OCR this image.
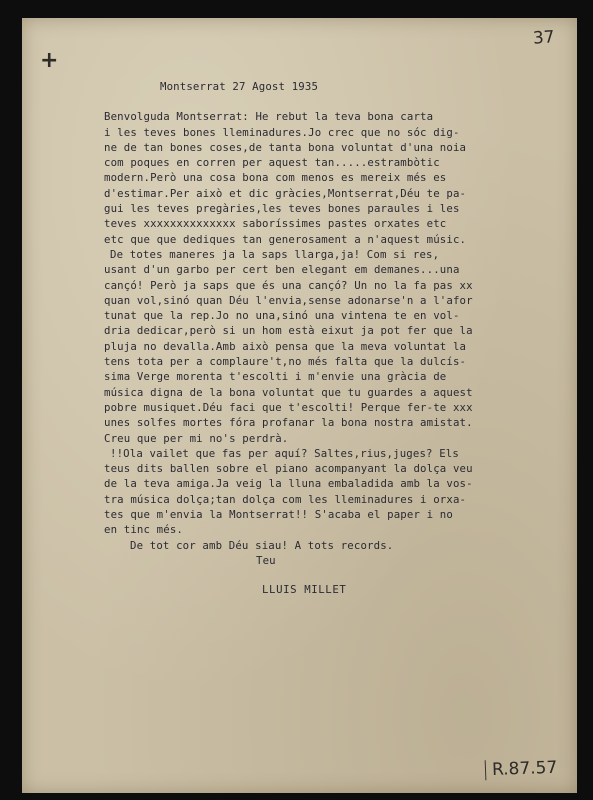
37
+
Montserrat 27 Agost 1935
Benvolguda Montserrat: He rebut la teva bona carta
i les teves bones lleminadures.Jo crec que no sóc dig-
ne de tan bones coses,de tanta bona voluntat d'una noia
com poques en corren per aquest tan.....estrambòtic
modern.Però una cosa bona com menos es mereix més es
d'estimar.Per això et dic gràcies,Montserrat,Déu te pa-
gui les teves pregàries,les teves bones paraules i les
teves xxxxxxxxxxxxxx saboríssimes pastes orxates etc
etc que que dediques tan generosament a n'aquest músic.
De totes maneres ja la saps llarga,ja! Com si res,
usant d'un garbo per cert ben elegant em demanes...una
cançó! Però ja saps que és una cançó? Un no la fa pas xx
quan vol,sinó quan Déu l'envia,sense adonarse'n a l'afor
tunat que la rep.Jo no una,sinó una vintena te en vol-
dria dedicar,però si un hom està eixut ja pot fer que la
pluja no devalla.Amb això pensa que la meva voluntat la
tens tota per a complaure't,no més falta que la dulcís-
sima Verge morenta t'escolti i m'envie una gràcia de
música digna de la bona voluntat que tu guardes a aquest
pobre musiquet.Déu faci que t'escolti! Perque fer-te xxx
unes solfes mortes fóra profanar la bona nostra amistat.
Creu que per mi no's perdrà.
!!Ola vailet que fas per aquí? Saltes,rius,juges? Els
teus dits ballen sobre el piano acompanyant la dolça veu
de la teva amiga.Ja veig la lluna embaladida amb la vos-
tra música dolça;tan dolça com les lleminadures i orxa-
tes que m'envia la Montserrat!! S'acaba el paper i no
en tinc més.
De tot cor amb Déu siau! A tots records.
Teu
LLUIS MILLET
R.87.57
